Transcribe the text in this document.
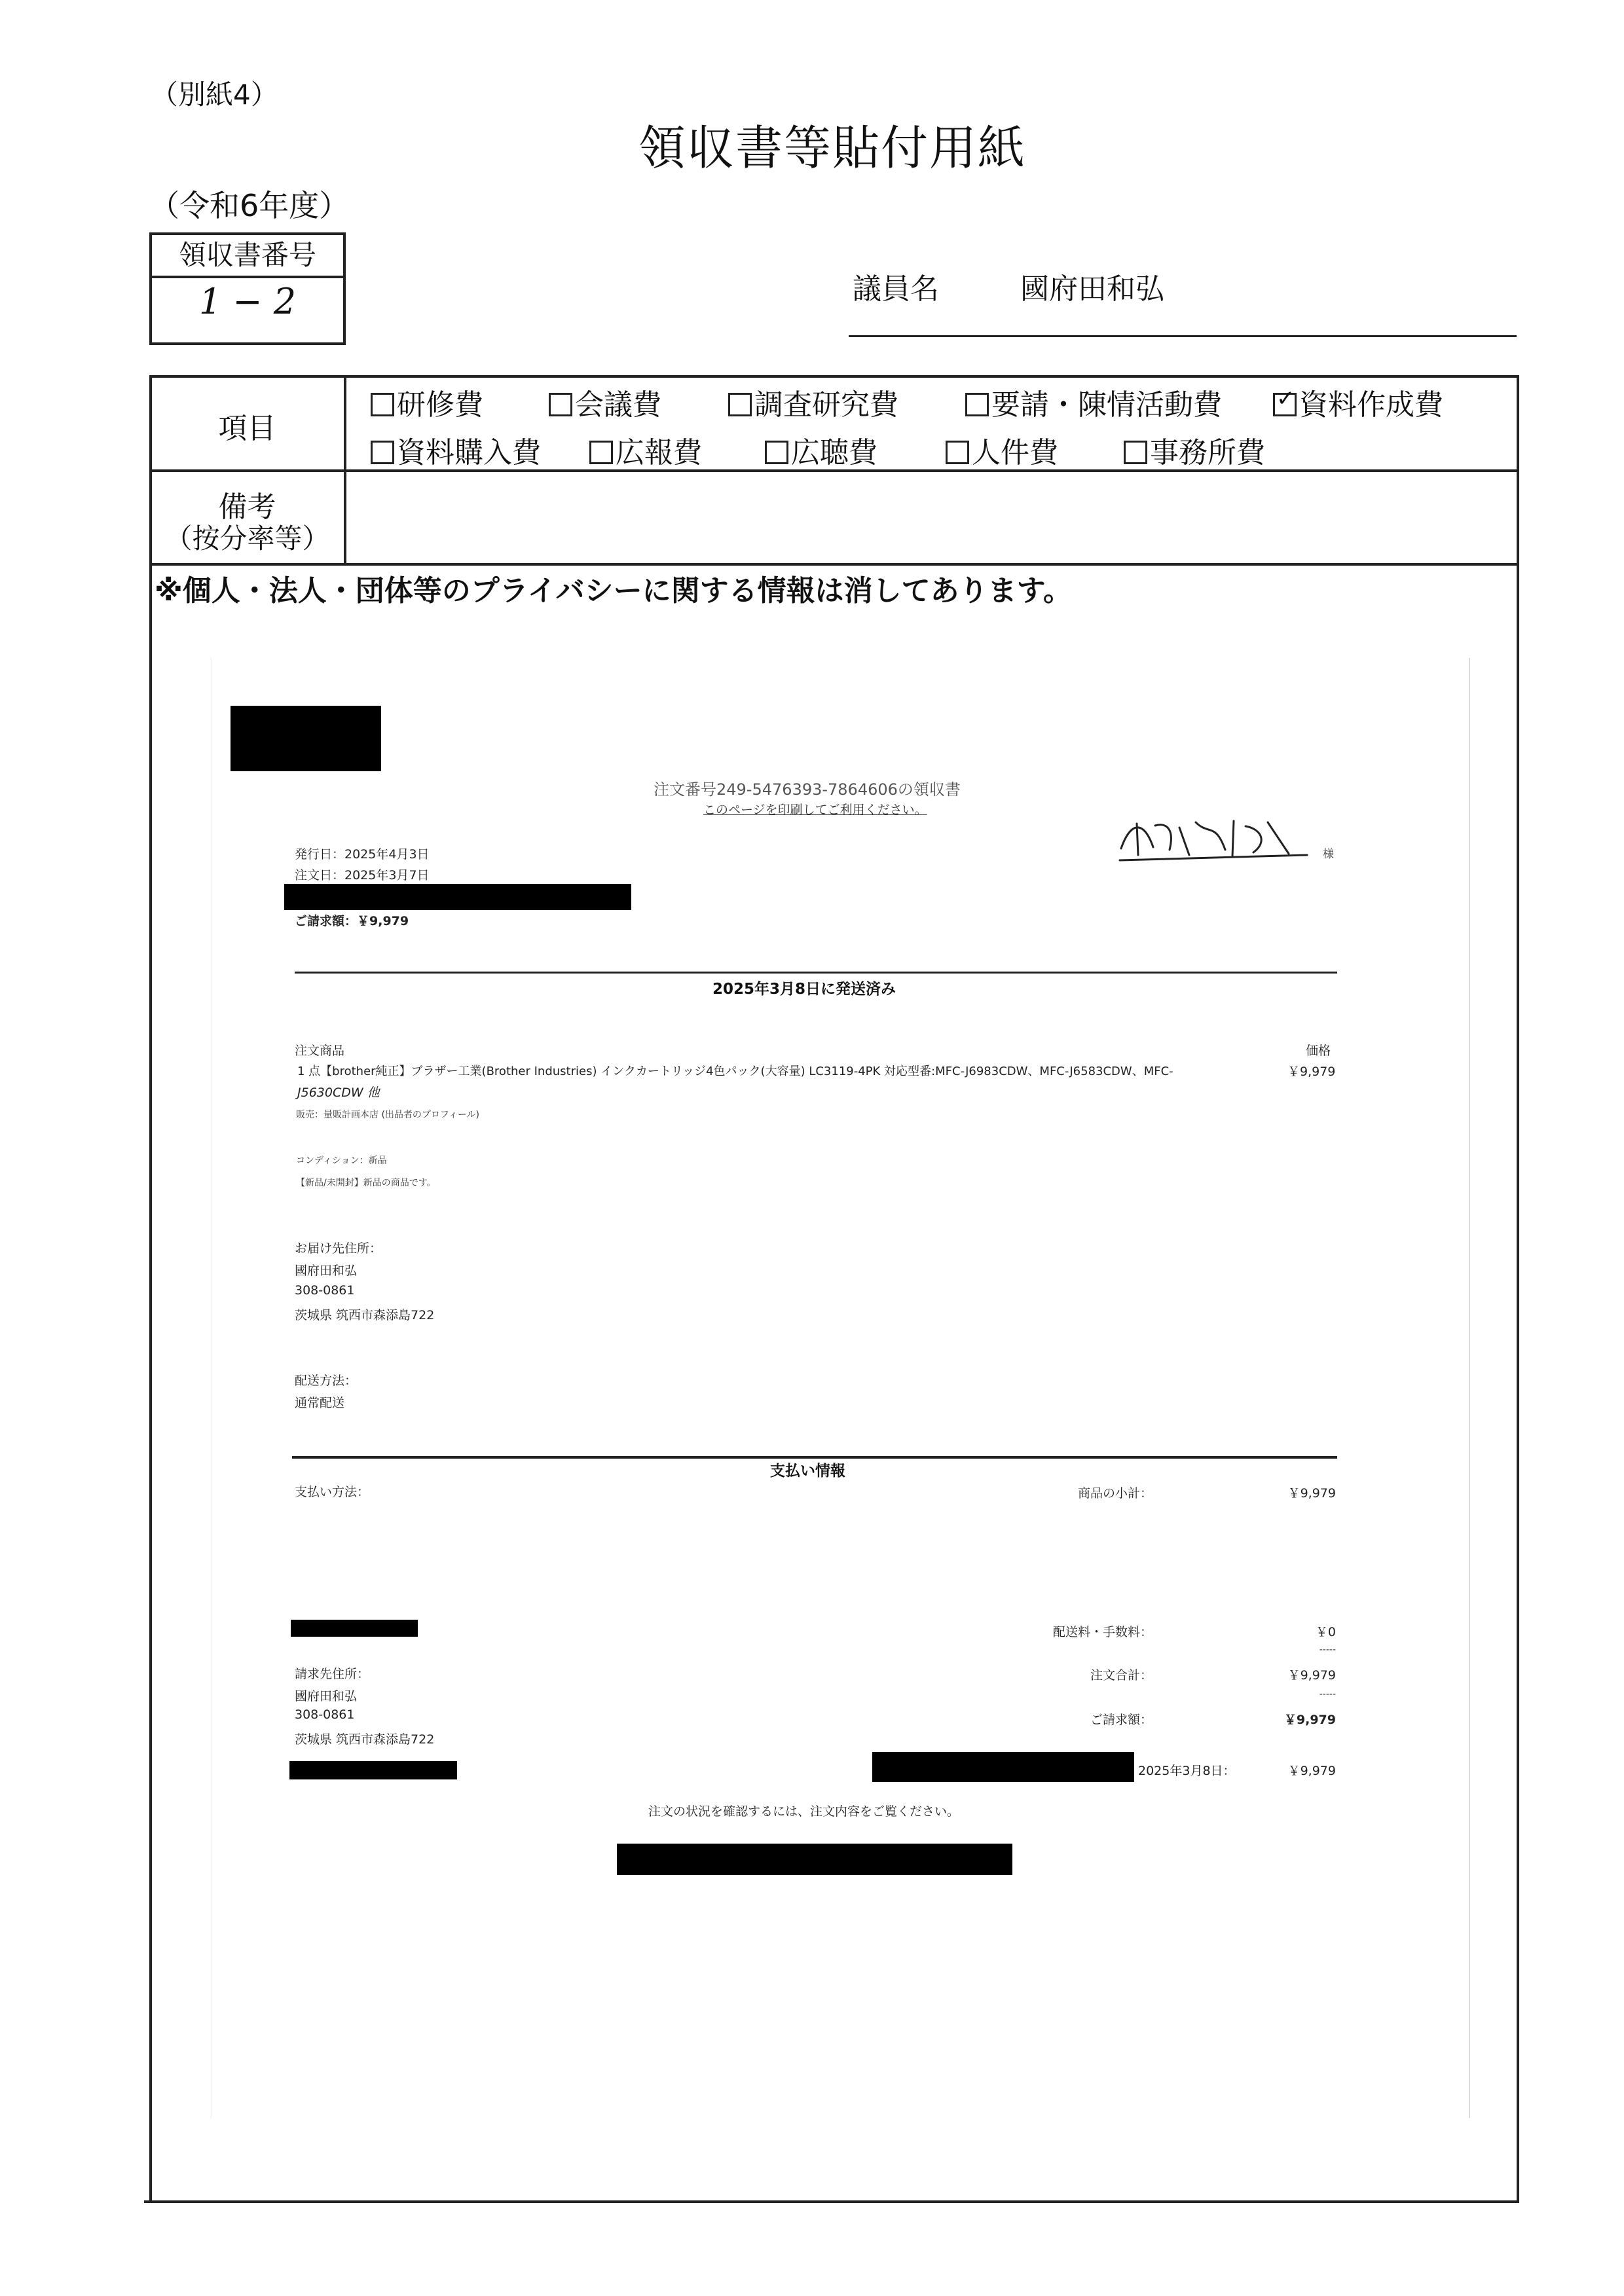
（別紙4）
領収書等貼付用紙
（令和6年度）
領収書番号
1 − 2	議員名	國府田和弘
項目
備考
（按分率等）
研修費	会議費	調査研究費	要請・陳情活動費
✓	資料作成費
資料購入費	広報費	広聴費	人件費	事務所費
※個人・法人・団体等のプライバシーに関する情報は消してあります。
注文番号249-5476393-7864606の領収書
このページを印刷してご利用ください。
様
発行日：2025年4月3日
注文日：2025年3月7日
ご請求額：￥9,979
2025年3月8日に発送済み
注文商品	価格
1 点【brother純正】ブラザー工業(Brother Industries) インクカートリッジ4色パック(大容量) LC3119-4PK 対応型番:MFC-J6983CDW、MFC-J6583CDW、MFC-
J5630CDW 他
￥9,979
販売：量販計画本店 (出品者のプロフィール)
コンディション：新品
【新品/未開封】新品の商品です。
お届け先住所：
國府田和弘
308-0861
茨城県 筑西市森添島722
配送方法：
通常配送
支払い情報
支払い方法：	商品の小計：	￥9,979
配送料・手数料：	￥0
-----
請求先住所：	注文合計：	￥9,979
國府田和弘	-----
308-0861	ご請求額：	￥9,979
茨城県 筑西市森添島722
2025年3月8日：	￥9,979
注文の状況を確認するには、注文内容をご覧ください。
